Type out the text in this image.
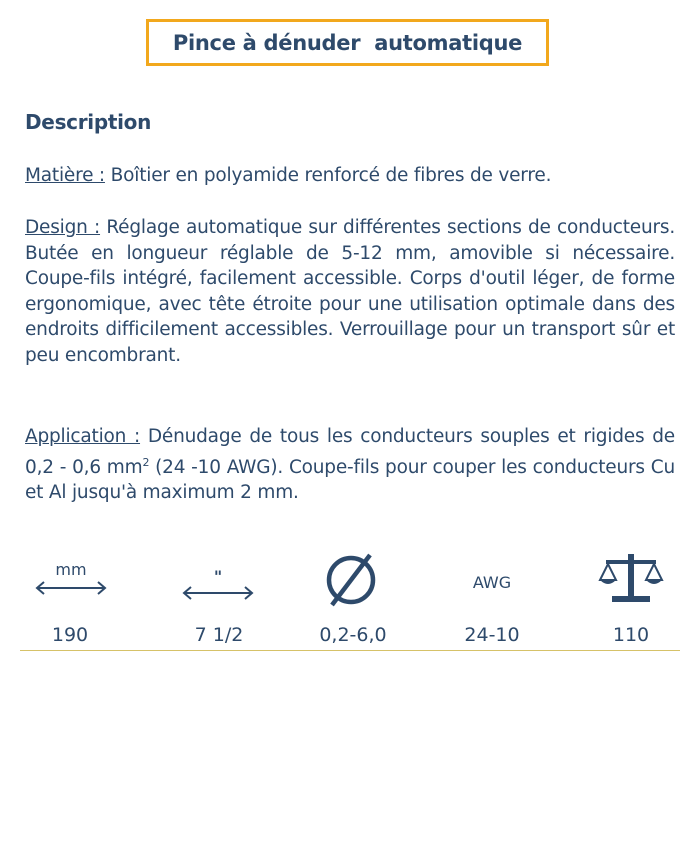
Pince à dénuder  automatique
Description
Matière : Boîtier en polyamide renforcé de fibres de verre.
Design : Réglage automatique sur différentes sections de conducteurs. Butée en longueur réglable de 5-12 mm, amovible si nécessaire. Coupe-fils intégré, facilement accessible. Corps d'outil léger, de forme ergonomique, avec tête étroite pour une utilisation optimale dans des endroits difficilement accessibles. Verrouillage pour un transport sûr et peu encombrant.
Application : Dénudage de tous les conducteurs souples et rigides de 0,2 - 0,6 $mm^2$ (24 -10 AWG). Coupe-fils pour couper les conducteurs Cu et Al jusqu'à maximum 2 mm.
mm
190
"
7 1/2	0,2-6,0
AWG
24-10	110
